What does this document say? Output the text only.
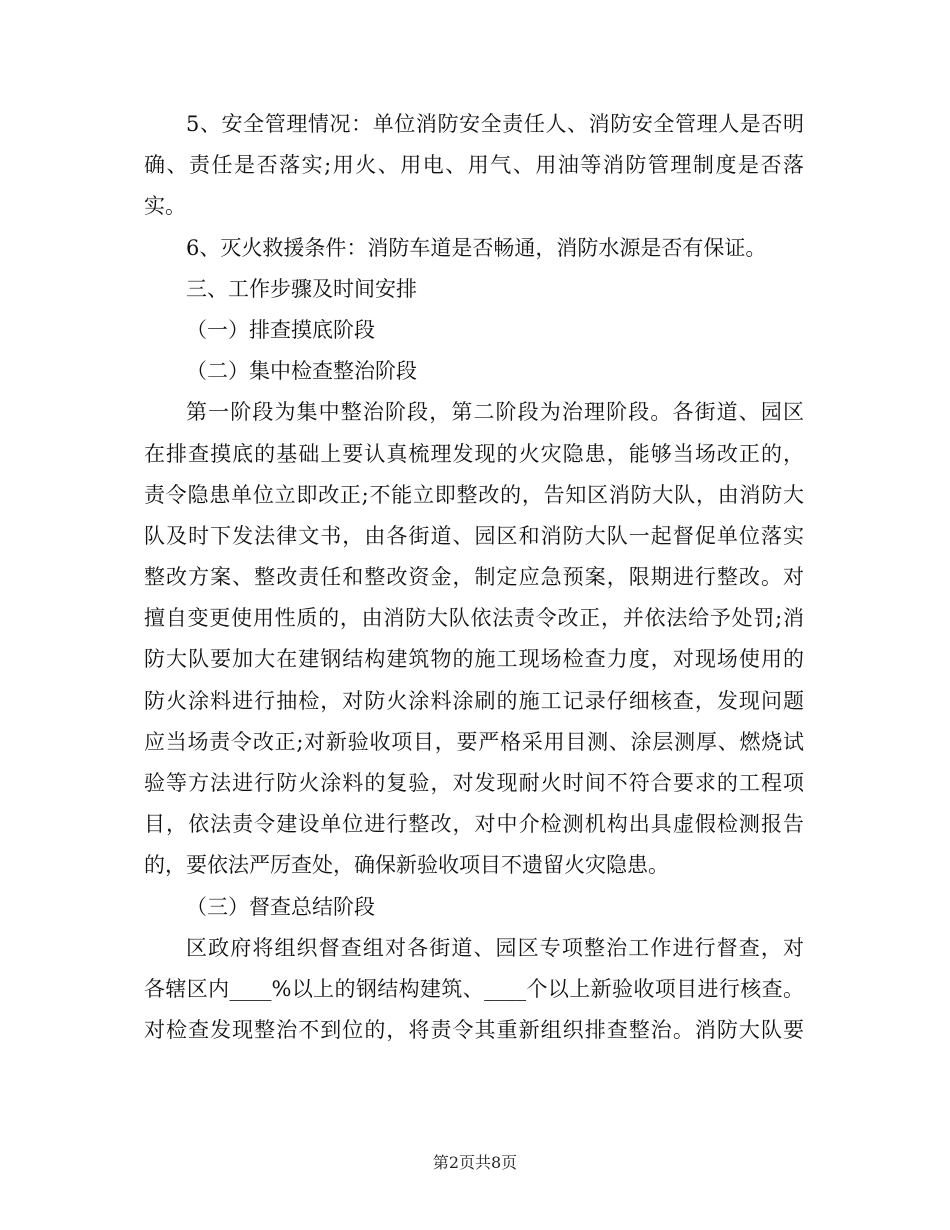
5、安全管理情况：单位消防安全责任人、消防安全管理人是否明
确、责任是否落实;用火、用电、用气、用油等消防管理制度是否落
实。
6、灭火救援条件：消防车道是否畅通，消防水源是否有保证。
三、工作步骤及时间安排
（一）排查摸底阶段
（二）集中检查整治阶段
第一阶段为集中整治阶段，第二阶段为治理阶段。各街道、园区
在排查摸底的基础上要认真梳理发现的火灾隐患，能够当场改正的，
责令隐患单位立即改正;不能立即整改的，告知区消防大队，由消防大
队及时下发法律文书，由各街道、园区和消防大队一起督促单位落实
整改方案、整改责任和整改资金，制定应急预案，限期进行整改。对
擅自变更使用性质的，由消防大队依法责令改正，并依法给予处罚;消
防大队要加大在建钢结构建筑物的施工现场检查力度，对现场使用的
防火涂料进行抽检，对防火涂料涂刷的施工记录仔细核查，发现问题
应当场责令改正;对新验收项目，要严格采用目测、涂层测厚、燃烧试
验等方法进行防火涂料的复验，对发现耐火时间不符合要求的工程项
目，依法责令建设单位进行整改，对中介检测机构出具虚假检测报告
的，要依法严厉查处，确保新验收项目不遗留火灾隐患。
（三）督查总结阶段
区政府将组织督查组对各街道、园区专项整治工作进行督查，对
各辖区内____%以上的钢结构建筑、____个以上新验收项目进行核查。
对检查发现整治不到位的，将责令其重新组织排查整治。消防大队要
第2页共8页
